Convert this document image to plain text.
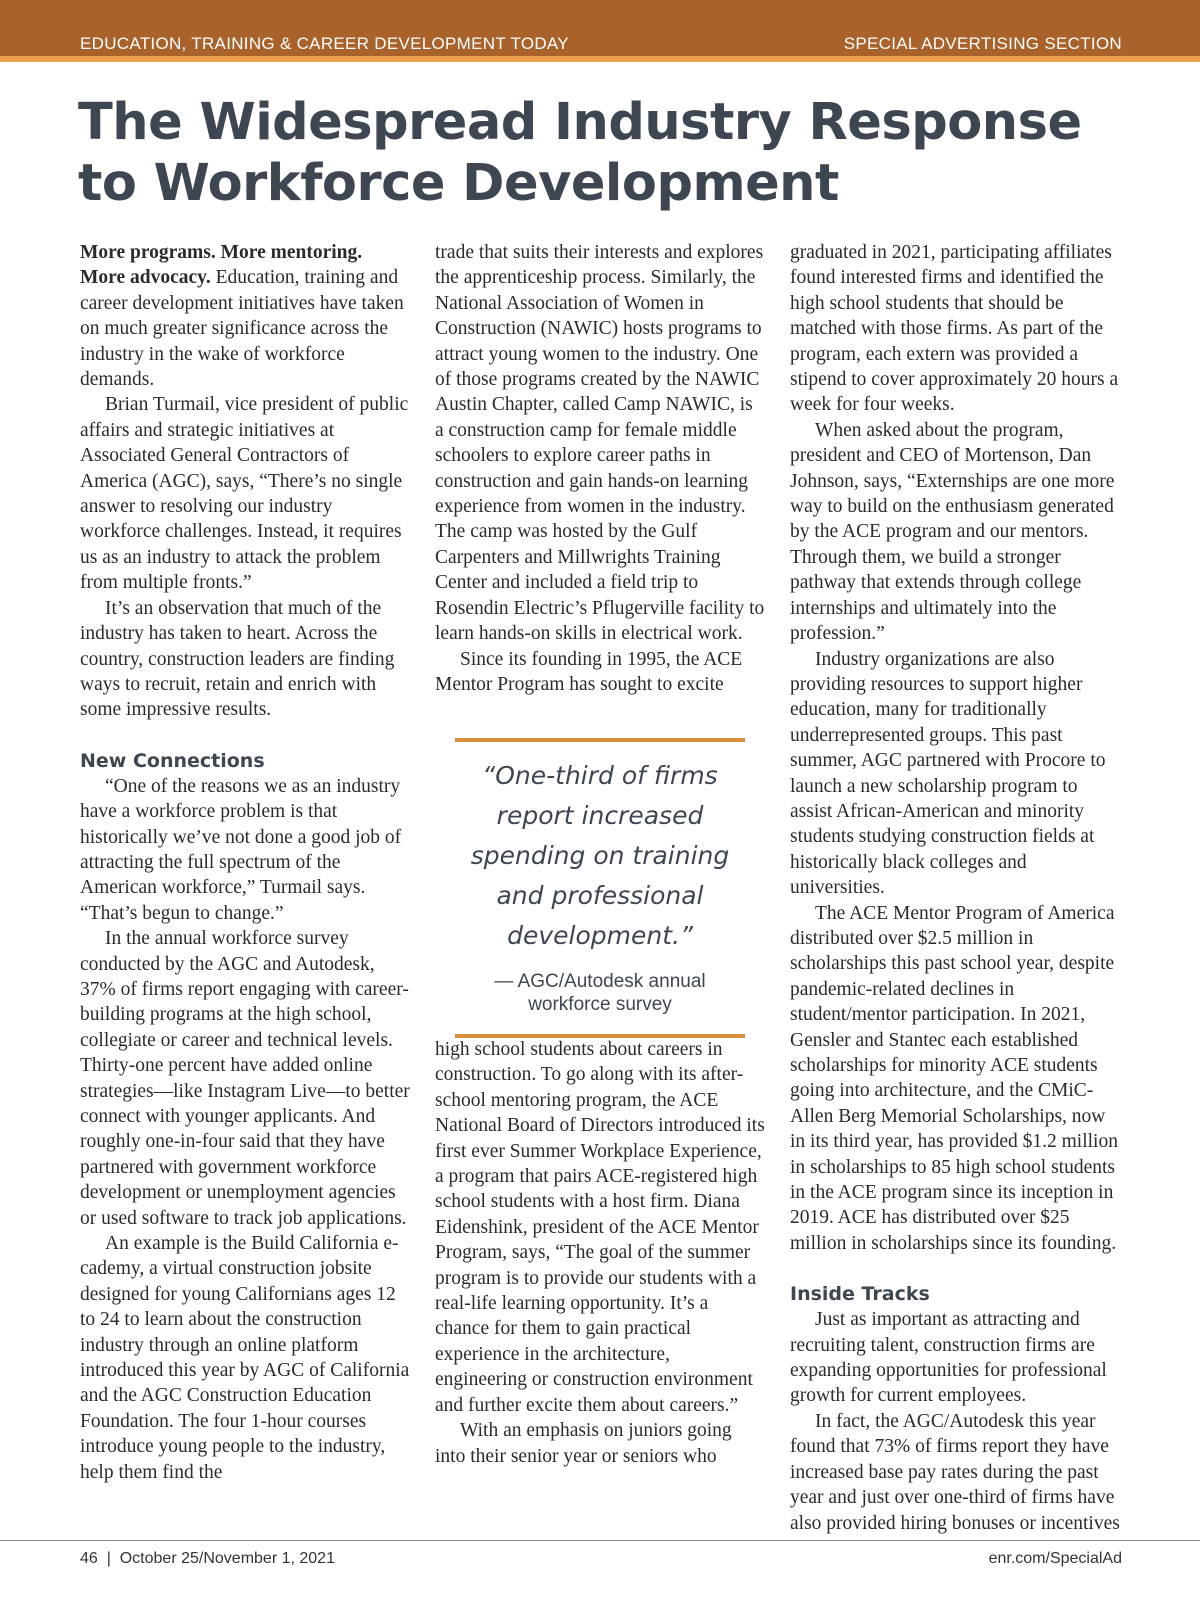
EDUCATION, TRAINING & CAREER DEVELOPMENT TODAY	SPECIAL ADVERTISING SECTION
The Widespread Industry Response to Workforce Development

More programs. More mentoring. More advocacy. Education, training and career development initiatives have taken on much greater significance across the industry in the wake of workforce demands.

Brian Turmail, vice president of public affairs and strategic initiatives at Associated General Contractors of America (AGC), says, “There’s no single answer to resolving our industry workforce challenges. Instead, it requires us as an industry to attack the problem from multiple fronts.”

It’s an observation that much of the industry has taken to heart. Across the country, construction leaders are finding ways to recruit, retain and enrich with some impressive results.

New Connections

“One of the reasons we as an industry have a workforce problem is that historically we’ve not done a good job of attracting the full spectrum of the American workforce,” Turmail says. “That’s begun to change.”

In the annual workforce survey conducted by the AGC and Autodesk, 37% of firms report engaging with career-building programs at the high school, collegiate or career and technical levels. Thirty-one percent have added online strategies—like Instagram Live—to better connect with younger applicants. And roughly one-in-four said that they have partnered with government workforce development or unemployment agencies or used software to track job applications.

An example is the Build California e-cademy, a virtual construction jobsite designed for young Californians ages 12 to 24 to learn about the construction industry through an online platform introduced this year by AGC of California and the AGC Construction Education Foundation. The four 1-hour courses introduce young people to the industry, help them find the

trade that suits their interests and explores the apprenticeship process. Similarly, the National Association of Women in Construction (NAWIC) hosts programs to attract young women to the industry. One of those programs created by the NAWIC Austin Chapter, called Camp NAWIC, is a construction camp for female middle schoolers to explore career paths in construction and gain hands-on learning experience from women in the industry. The camp was hosted by the Gulf Carpenters and Millwrights Training Center and included a field trip to Rosendin Electric’s Pflugerville facility to learn hands-on skills in electrical work.

Since its founding in 1995, the ACE Mentor Program has sought to excite

“One-third of firms report increased spending on training and professional development.”

— AGC/Autodesk annual workforce survey

high school students about careers in construction. To go along with its after-school mentoring program, the ACE National Board of Directors introduced its first ever Summer Workplace Experience, a program that pairs ACE-registered high school students with a host firm. Diana Eidenshink, president of the ACE Mentor Program, says, “The goal of the summer program is to provide our students with a real-life learning opportunity. It’s a chance for them to gain practical experience in the architecture, engineering or construction environment and further excite them about careers.”

With an emphasis on juniors going into their senior year or seniors who

graduated in 2021, participating affiliates found interested firms and identified the high school students that should be matched with those firms. As part of the program, each extern was provided a stipend to cover approximately 20 hours a week for four weeks.

When asked about the program, president and CEO of Mortenson, Dan Johnson, says, “Externships are one more way to build on the enthusiasm generated by the ACE program and our mentors. Through them, we build a stronger pathway that extends through college internships and ultimately into the profession.”

Industry organizations are also providing resources to support higher education, many for traditionally underrepresented groups. This past summer, AGC partnered with Procore to launch a new scholarship program to assist African-American and minority students studying construction fields at historically black colleges and universities.

The ACE Mentor Program of America distributed over $2.5 million in scholarships this past school year, despite pandemic-related declines in student/mentor participation. In 2021, Gensler and Stantec each established scholarships for minority ACE students going into architecture, and the CMiC-Allen Berg Memorial Scholarships, now in its third year, has provided $1.2 million in scholarships to 85 high school students in the ACE program since its inception in 2019. ACE has distributed over $25 million in scholarships since its founding.

Inside Tracks

Just as important as attracting and recruiting talent, construction firms are expanding opportunities for professional growth for current employees.

In fact, the AGC/Autodesk this year found that 73% of firms report they have increased base pay rates during the past year and just over one-third of firms have also provided hiring bonuses or incentives

46  |  October 25/November 1, 2021	enr.com/SpecialAd
